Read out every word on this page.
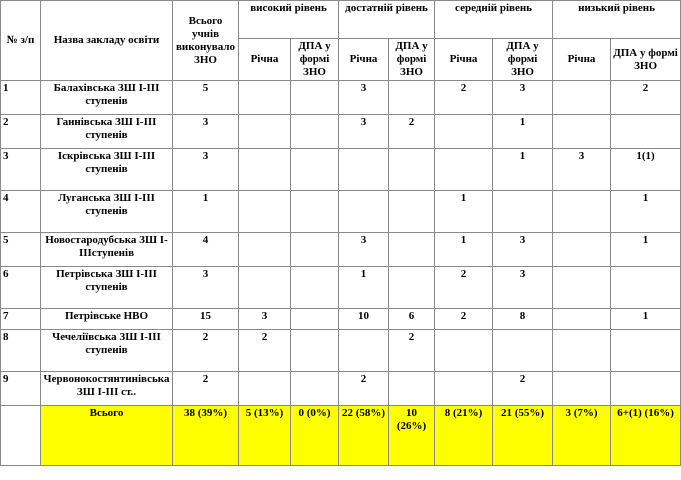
№ з/п	Назва закладу освіти	Всього учнів виконувало ЗНО	високий рівень		достатній рівень		середній рівень		низький рівень	
			Річна	ДПА у формі ЗНО	Річна	ДПА у формі ЗНО	Річна	ДПА у формі ЗНО	Річна	ДПА у формі ЗНО
1	Балахівська ЗШ І-ІІІ ступенів	5			3		2	3		2
2	Ганнівська ЗШ І-ІІІ ступенів	3			3	2		1		
3	Іскрівська ЗШ І-ІІІ ступенів	3						1	3	1(1)
4	Луганська ЗШ І-ІІІ ступенів	1					1			1
5	Новостародубська ЗШ І-ІІІступенів	4			3		1	3		1
6	Петрівська ЗШ І-ІІІ ступенів	3			1		2	3		
7	Петрівське НВО	15	3		10	6	2	8		1
8	Чечеліївська ЗШ І-ІІІ ступенів	2	2			2				
9	Червонокостянтинівська ЗШ І-ІІІ ст..	2			2			2		
	Всього	38 (39%)	5 (13%)	0 (0%)	22 (58%)	10 (26%)	8 (21%)	21 (55%)	3 (7%)	6+(1) (16%)
